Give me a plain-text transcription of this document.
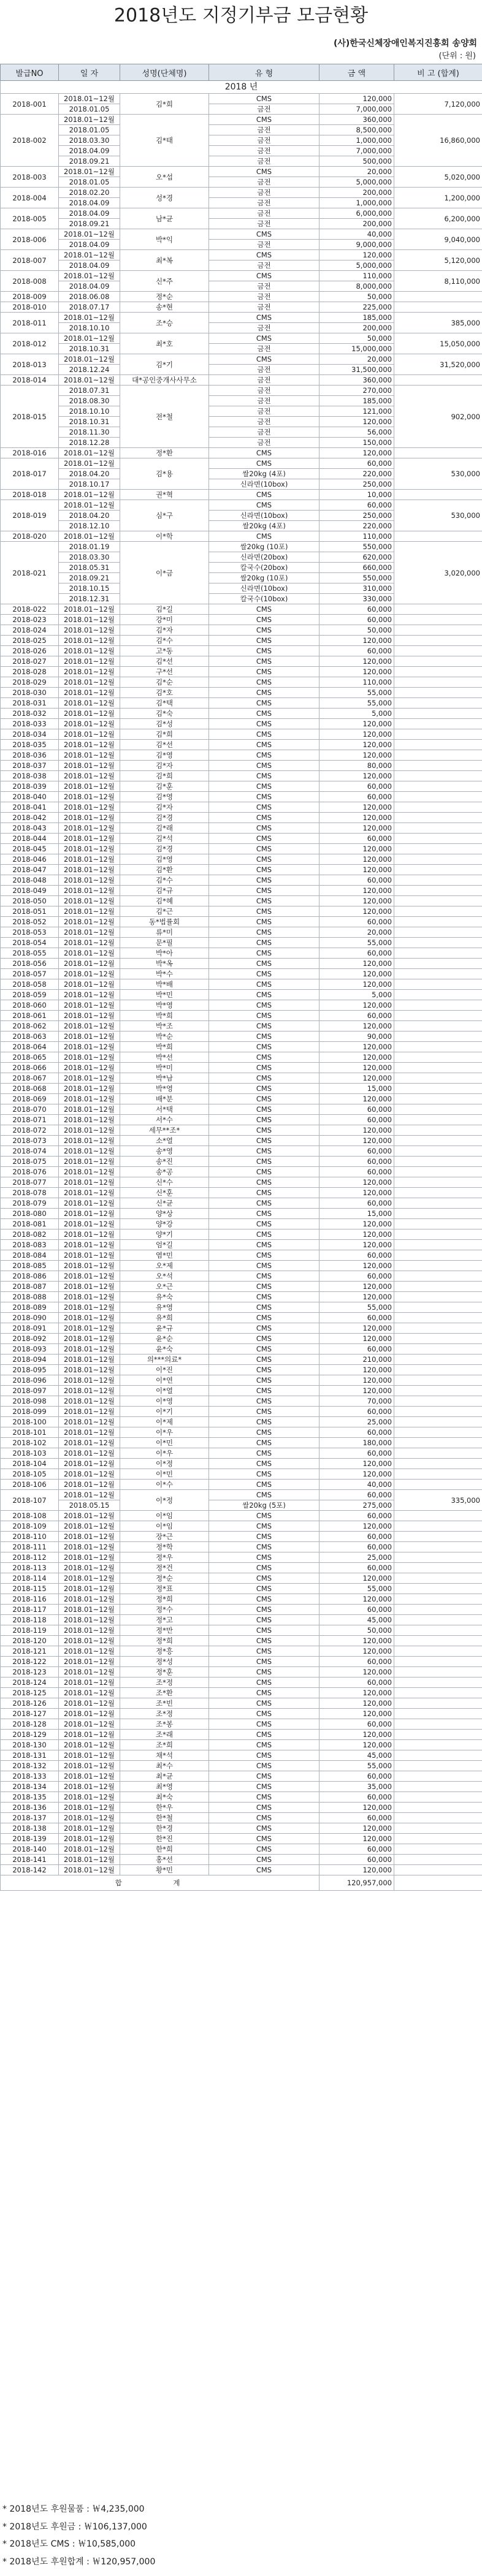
2018년도 지정기부금 모금현황
(사)한국신체장애인복지진흥회 송양회
(단위 : 원)
발급NO	일 자	성명(단체명)	유 형	금 액	비 고 (합계)
2018 년					
2018-001	2018.01~12월	김*희	CMS	120,000	7,120,000
	2018.01.05		금전	7,000,000	
2018-002	2018.01~12월	김*태	CMS	360,000	16,860,000
	2018.01.05		금전	8,500,000	
	2018.03.30		금전	1,000,000	
	2018.04.09		금전	7,000,000	
	2018.09.21		금전	500,000	
2018-003	2018.01~12월	오*섭	CMS	20,000	5,020,000
	2018.01.05		금전	5,000,000	
2018-004	2018.02.20	성*경	금전	200,000	1,200,000
	2018.04.09		금전	1,000,000	
2018-005	2018.04.09	남*균	금전	6,000,000	6,200,000
	2018.09.21		금전	200,000	
2018-006	2018.01~12월	박*익	CMS	40,000	9,040,000
	2018.04.09		금전	9,000,000	
2018-007	2018.01~12월	최*복	CMS	120,000	5,120,000
	2018.04.09		금전	5,000,000	
2018-008	2018.01~12월	신*주	CMS	110,000	8,110,000
	2018.04.09		금전	8,000,000	
2018-009	2018.06.08	정*순	금전	50,000	
2018-010	2018.07.17	송*현	금전	225,000	
2018-011	2018.01~12월	조*승	CMS	185,000	385,000
	2018.10.10		금전	200,000	
2018-012	2018.01~12월	최*호	CMS	50,000	15,050,000
	2018.10.31		금전	15,000,000	
2018-013	2018.01~12월	김*기	CMS	20,000	31,520,000
	2018.12.24		금전	31,500,000	
2018-014	2018.01~12월	대*공인중개사사무소	금전	360,000	
2018-015	2018.07.31	전*철	금전	270,000	902,000
	2018.08.30		금전	185,000	
	2018.10.10		금전	121,000	
	2018.10.31		금전	120,000	
	2018.11.30		금전	56,000	
	2018.12.28		금전	150,000	
2018-016	2018.01~12월	정*환	CMS	120,000	
2018-017	2018.01~12월	김*용	CMS	60,000	530,000
	2018.04.20		쌀20kg (4포)	220,000	
	2018.10.17		신라면(10box)	250,000	
2018-018	2018.01~12월	권*혁	CMS	10,000	
2018-019	2018.01~12월	심*구	CMS	60,000	530,000
	2018.04.20		신라면(10box)	250,000	
	2018.12.10		쌀20kg (4포)	220,000	
2018-020	2018.01~12월	이*학	CMS	110,000	
2018-021	2018.01.19	이*금	쌀20kg (10포)	550,000	3,020,000
	2018.03.30		신라면(20box)	620,000	
	2018.05.31		칼국수(20box)	660,000	
	2018.09.21		쌀20kg (10포)	550,000	
	2018.10.15		신라면(10box)	310,000	
	2018.12.31		칼국수(10box)	330,000	
2018-022	2018.01~12월	김*길	CMS	60,000	
2018-023	2018.01~12월	강*미	CMS	60,000	
2018-024	2018.01~12월	김*자	CMS	50,000	
2018-025	2018.01~12월	김*수	CMS	120,000	
2018-026	2018.01~12월	고*동	CMS	60,000	
2018-027	2018.01~12월	김*선	CMS	120,000	
2018-028	2018.01~12월	구*선	CMS	120,000	
2018-029	2018.01~12월	김*순	CMS	110,000	
2018-030	2018.01~12월	김*호	CMS	55,000	
2018-031	2018.01~12월	김*택	CMS	55,000	
2018-032	2018.01~12월	김*숙	CMS	5,000	
2018-033	2018.01~12월	김*성	CMS	120,000	
2018-034	2018.01~12월	김*희	CMS	120,000	
2018-035	2018.01~12월	김*선	CMS	120,000	
2018-036	2018.01~12월	김*영	CMS	120,000	
2018-037	2018.01~12월	김*자	CMS	80,000	
2018-038	2018.01~12월	김*희	CMS	120,000	
2018-039	2018.01~12월	김*훈	CMS	60,000	
2018-040	2018.01~12월	김*영	CMS	60,000	
2018-041	2018.01~12월	김*자	CMS	120,000	
2018-042	2018.01~12월	김*경	CMS	120,000	
2018-043	2018.01~12월	김*래	CMS	120,000	
2018-044	2018.01~12월	김*석	CMS	60,000	
2018-045	2018.01~12월	김*경	CMS	120,000	
2018-046	2018.01~12월	김*영	CMS	120,000	
2018-047	2018.01~12월	김*환	CMS	120,000	
2018-048	2018.01~12월	김*수	CMS	60,000	
2018-049	2018.01~12월	김*규	CMS	120,000	
2018-050	2018.01~12월	김*혜	CMS	120,000	
2018-051	2018.01~12월	김*근	CMS	120,000	
2018-052	2018.01~12월	동*법률회	CMS	60,000	
2018-053	2018.01~12월	류*미	CMS	20,000	
2018-054	2018.01~12월	문*필	CMS	55,000	
2018-055	2018.01~12월	박*아	CMS	60,000	
2018-056	2018.01~12월	박*옥	CMS	120,000	
2018-057	2018.01~12월	박*수	CMS	120,000	
2018-058	2018.01~12월	박*배	CMS	120,000	
2018-059	2018.01~12월	박*민	CMS	5,000	
2018-060	2018.01~12월	박*영	CMS	120,000	
2018-061	2018.01~12월	박*희	CMS	60,000	
2018-062	2018.01~12월	박*조	CMS	120,000	
2018-063	2018.01~12월	박*순	CMS	90,000	
2018-064	2018.01~12월	박*희	CMS	120,000	
2018-065	2018.01~12월	박*선	CMS	120,000	
2018-066	2018.01~12월	박*미	CMS	120,000	
2018-067	2018.01~12월	박*남	CMS	120,000	
2018-068	2018.01~12월	박*영	CMS	15,000	
2018-069	2018.01~12월	배*분	CMS	120,000	
2018-070	2018.01~12월	서*택	CMS	60,000	
2018-071	2018.01~12월	서*수	CMS	60,000	
2018-072	2018.01~12월	세무**조*	CMS	120,000	
2018-073	2018.01~12월	소*열	CMS	120,000	
2018-074	2018.01~12월	송*영	CMS	60,000	
2018-075	2018.01~12월	송*진	CMS	60,000	
2018-076	2018.01~12월	송*공	CMS	60,000	
2018-077	2018.01~12월	신*수	CMS	120,000	
2018-078	2018.01~12월	신*훈	CMS	120,000	
2018-079	2018.01~12월	신*균	CMS	60,000	
2018-080	2018.01~12월	양*상	CMS	15,000	
2018-081	2018.01~12월	양*강	CMS	120,000	
2018-082	2018.01~12월	양*기	CMS	120,000	
2018-083	2018.01~12월	엄*길	CMS	120,000	
2018-084	2018.01~12월	염*민	CMS	60,000	
2018-085	2018.01~12월	오*제	CMS	120,000	
2018-086	2018.01~12월	오*석	CMS	60,000	
2018-087	2018.01~12월	오*근	CMS	120,000	
2018-088	2018.01~12월	유*숙	CMS	120,000	
2018-089	2018.01~12월	유*영	CMS	55,000	
2018-090	2018.01~12월	유*희	CMS	60,000	
2018-091	2018.01~12월	윤*규	CMS	120,000	
2018-092	2018.01~12월	윤*순	CMS	120,000	
2018-093	2018.01~12월	윤*숙	CMS	60,000	
2018-094	2018.01~12월	의***의료*	CMS	210,000	
2018-095	2018.01~12월	이*진	CMS	120,000	
2018-096	2018.01~12월	이*연	CMS	120,000	
2018-097	2018.01~12월	이*열	CMS	120,000	
2018-098	2018.01~12월	이*영	CMS	70,000	
2018-099	2018.01~12월	이*기	CMS	60,000	
2018-100	2018.01~12월	이*제	CMS	25,000	
2018-101	2018.01~12월	이*우	CMS	60,000	
2018-102	2018.01~12월	이*민	CMS	180,000	
2018-103	2018.01~12월	이*우	CMS	60,000	
2018-104	2018.01~12월	이*정	CMS	120,000	
2018-105	2018.01~12월	이*민	CMS	120,000	
2018-106	2018.01~12월	이*수	CMS	40,000	
2018-107	2018.01~12월	이*정	CMS	60,000	335,000
	2018.05.15		쌀20kg (5포)	275,000	
2018-108	2018.01~12월	이*임	CMS	60,000	
2018-109	2018.01~12월	이*임	CMS	120,000	
2018-110	2018.01~12월	장*근	CMS	60,000	
2018-111	2018.01~12월	정*학	CMS	60,000	
2018-112	2018.01~12월	정*우	CMS	25,000	
2018-113	2018.01~12월	정*건	CMS	60,000	
2018-114	2018.01~12월	정*순	CMS	120,000	
2018-115	2018.01~12월	정*표	CMS	55,000	
2018-116	2018.01~12월	정*희	CMS	120,000	
2018-117	2018.01~12월	정*수	CMS	60,000	
2018-118	2018.01~12월	정*고	CMS	45,000	
2018-119	2018.01~12월	정*만	CMS	50,000	
2018-120	2018.01~12월	정*희	CMS	120,000	
2018-121	2018.01~12월	정*흥	CMS	120,000	
2018-122	2018.01~12월	정*성	CMS	60,000	
2018-123	2018.01~12월	정*훈	CMS	120,000	
2018-124	2018.01~12월	조*정	CMS	60,000	
2018-125	2018.01~12월	조*환	CMS	120,000	
2018-126	2018.01~12월	조*빈	CMS	120,000	
2018-127	2018.01~12월	조*정	CMS	120,000	
2018-128	2018.01~12월	조*봉	CMS	60,000	
2018-129	2018.01~12월	조*래	CMS	120,000	
2018-130	2018.01~12월	조*희	CMS	120,000	
2018-131	2018.01~12월	채*석	CMS	45,000	
2018-132	2018.01~12월	최*수	CMS	55,000	
2018-133	2018.01~12월	최*균	CMS	60,000	
2018-134	2018.01~12월	최*영	CMS	35,000	
2018-135	2018.01~12월	최*숙	CMS	60,000	
2018-136	2018.01~12월	한*우	CMS	120,000	
2018-137	2018.01~12월	한*철	CMS	60,000	
2018-138	2018.01~12월	한*경	CMS	120,000	
2018-139	2018.01~12월	한*진	CMS	120,000	
2018-140	2018.01~12월	한*희	CMS	60,000	
2018-141	2018.01~12월	홍*선	CMS	60,000	
2018-142	2018.01~12월	황*민	CMS	120,000	
합 계				120,957,000	
* 2018년도 후원물품 : ￦4,235,000
* 2018년도 후원금 : ￦106,137,000
* 2018년도 CMS : ￦10,585,000
* 2018년도 후원합계 : ￦120,957,000
